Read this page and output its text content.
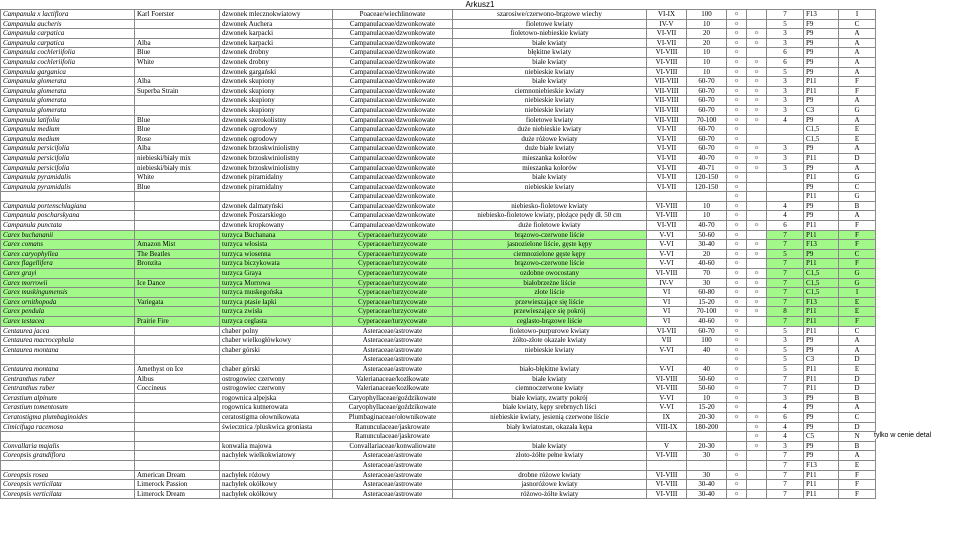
Arkusz1
Campanula x lactiflora	Karl Foerster	dzwonek mlecznokwiatowy	Poaceae/wiechlinowate	szarosiwe/czerwono-brązowe wiechy	VI-IX	100	☼		7	F13	I	
Campanula aucheris		dzwonek Auchera	Campanulaceae/dzwonkowate	fioletowe kwiaty	IV-V	10	☼		5	F9	C	
Campanula carpatica		dzwonek karpacki	Campanulaceae/dzwonkowate	fioletowo-niebieskie kwiaty	VI-VII	20	☼	☼	3	P9	A	
Campanula carpatica	Alba	dzwonek karpacki	Campanulaceae/dzwonkowate	białe kwiaty	VI-VII	20	☼	☼	3	P9	A	
Campanula cochleriifolia	Blue	dzwonek drobny	Campanulaceae/dzwonkowate	błękitne kwiaty	VI-VIII	10	☼		6	P9	A	
Campanula cochleriifolia	White	dzwonek drobny	Campanulaceae/dzwonkowate	białe kwiaty	VI-VIII	10	☼	☼	6	P9	A	
Campanula garganica		dzwonek gargański	Campanulaceae/dzwonkowate	niebieskie kwiaty	VI-VIII	10	☼	☼	5	P9	A	
Campanula glomerata	Alba	dzwonek skupiony	Campanulaceae/dzwonkowate	białe kwiaty	VII-VIII	60-70	☼	☼	3	P11	F	
Campanula glomerata	Superba Strain	dzwonek skupiony	Campanulaceae/dzwonkowate	ciemnoniebieskie kwiaty	VII-VIII	60-70	☼	☼	3	P11	F	
Campanula glomerata		dzwonek skupiony	Campanulaceae/dzwonkowate	niebieskie kwiaty	VII-VIII	60-70	☼	☼	3	P9	A	
Campanula glomerata		dzwonek skupiony	Campanulaceae/dzwonkowate	niebieskie kwiaty	VII-VIII	60-70	☼	☼	3	C3	G	
Campanula latifolia	Blue	dzwonek szerokolistny	Campanulaceae/dzwonkowate	fioletowe kwiaty	VII-VIII	70-100	☼	☼	4	P9	A	
Campanula medium	Blue	dzwonek ogrodowy	Campanulaceae/dzwonkowate	duże niebieskie kwiaty	VI-VII	60-70	☼			C1,5	E	
Campanula medium	Rose	dzwonek ogrodowy	Campanulaceae/dzwonkowate	duże różowe kwiaty	VI-VII	60-70	☼			C1,5	E	
Campanula persicifolia	Alba	dzwonek brzoskwiniolistny	Campanulaceae/dzwonkowate	duże białe kwiaty	VI-VII	60-70	☼	☼	3	P9	A	
Campanula persicifolia	niebieski/biały mix	dzwonek brzoskwiniolistny	Campanulaceae/dzwonkowate	mieszanka kolorów	VI-VII	40-70	☼	☼	3	P11	D	
Campanula persicifolia	niebieski/biały mix	dzwonek brzoskwiniolistny	Campanulaceae/dzwonkowate	mieszanka kolorów	VI-VII	40-71	☼	☼	3	P9	A	
Campanula pyramidalis	White	dzwonek piramidalny	Campanulaceae/dzwonkowate	białe kwiaty	VI-VII	120-150	☼			P11	G	
Campanula pyramidalis	Blue	dzwonek piramidalny	Campanulaceae/dzwonkowate	niebieskie kwiaty	VI-VII	120-150	☼			P9	C	
			Campanulaceae/dzwonkowate				☼			P11	G	
Campanula portenschlagiana		dzwonek dalmatyński	Campanulaceae/dzwonkowate	niebiesko-fioletowe kwiaty	VI-VIII	10	☼		4	P9	B	
Campanula poscharskyana		dzwonek Poszarskiego	Campanulaceae/dzwonkowate	niebiesko-fioletowe kwiaty, płożące pędy dł. 50 cm	VI-VIII	10	☼		4	P9	A	
Campanula punctata		dzwonek kropkowany	Campanulaceae/dzwonkowate	duże fioletowe kwiaty	VI-VII	40-70	☼	☼	6	P11	F	
Carex buchananii		turzyca Buchanana	Cyperaceae/turzycowate	brązowo-czerwone liście	V-VI	50-60	☼		7	P11	F	
Carex comans	Amazon Mist	turzyca włosista	Cyperaceae/turzycowate	jasnozielone liście, gęste kępy	V-VI	30-40	☼	☼	7	F13	F	
Carex caryophyllea	The Beatles	turzyca wiosenna	Cyperaceae/turzycowate	ciemnozielone gęste kępy	V-VI	20	☼	☼	5	P9	C	
Carex flagellifera	Bronzita	turzyca biczykowata	Cyperaceae/turzycowate	brązowo-czerwone liście	V-VI	40-60	☼		7	P11	F	
Carex grayi		turzyca Graya	Cyperaceae/turzycowate	ozdobne owocostany	VI-VIII	70	☼	☼	7	C1,5	G	
Carex morrowii	Ice Dance	turzyca Morrowa	Cyperaceae/turzycowate	białobrzeżne liście	IV-V	30	☼	☼	7	C1,5	G	
Carex muskingumensis		turzyca muskegońska	Cyperaceae/turzycowate	złote liście	VI	60-80	☼	☼	7	C1,5	I	
Carex ornithopoda	Variegata	turzyca ptasie łapki	Cyperaceae/turzycowate	przewieszające się liście	VI	15-20	☼	☼	7	F13	E	
Carex pendula		turzyca zwisła	Cyperaceae/turzycowate	przewieszające się pokrój	VI	70-100	☼	☼	8	P11	E	
Carex testacea	Prairie Fire	turzyca ceglasta	Cyperaceae/turzycowate	ceglasto-brązowe liście	VI	40-60	☼		7	P11	F	
Centaurea jacea		chaber polny	Asteraceae/astrowate	fioletowo-purpurowe kwiaty	VI-VII	60-70	☼		5	P11	C	
Centaurea macrocephala		chaber wielkogłówkowy	Asteraceae/astrowate	żółto-złote okazałe kwiaty	VII	100	☼		3	P9	A	
Centaurea montana		chaber górski	Asteraceae/astrowate	niebieskie kwiaty	V-VI	40	☼		5	P9	A	
			Asteraceae/astrowate				☼		5	C3	D	
Centaurea montana	Amethyst on Ice	chaber górski	Asteraceae/astrowate	biało-błękitne kwiaty	V-VI	40	☼		5	P11	E	
Centranthus ruber	Albus	ostrogowiec czerwony	Valerianaceae/kozłkowate	białe kwiaty	VI-VIII	50-60	☼		7	P11	D	
Centranthus ruber	Coccineus	ostrogowiec czerwony	Valerianaceae/kozłkowate	ciemnoczerwone kwiaty	VI-VIII	50-60	☼		7	P11	D	
Cerastium alpinum		rogownica alpejska	Caryophyllaceae/goździkowate	białe kwiaty, zwarty pokrój	V-VI	10	☼		3	P9	B	
Cerastium tomentosum		rogownica kutnerowata	Caryophyllaceae/goździkowate	białe kwiaty, kępy srebrnych liści	V-VI	15-20	☼		4	P9	A	
Ceratostigma plumbaginoides		ceratostigma ołownikowata	Plumbaginaceae/ołownikowate	niebieskie kwiaty, jesienią czerwone liście	IX	20-30	☼	☼	6	P9	C	
Cimicifuga racemosa		świecznica /pluskwica groniasta	Ranunculaceae/jaskrowate	biały kwiatostan, okazała kępa	VIII-IX	180-200		☼	4	P9	D	
			Ranunculaceae/jaskrowate					☼	4	C5	N	
Convallaria majalis		konwalia majowa	Convallariaceae/konwaliowate	białe kwiaty	V	20-30		☼	3	P9	B	
Coreopsis grandiflora		nachyłek wielkokwiatowy	Asteraceae/astrowate	złoto-żółte pełne kwiaty	VI-VIII	30	☼		7	P9	A	
			Asteraceae/astrowate						7	F13	E	
Coreopsis rosea	American Dream	nachyłek różowy	Asteraceae/astrowate	drobne różowe kwiaty	VI-VIII	30	☼		7	P11	F	
Coreopsis verticilata	Limerock Passion	nachyłek okółkowy	Asteraceae/astrowate	jasnoróżowe kwiaty	VI-VIII	30-40	☼		7	P11	F	
Coreopsis verticilata	Limerock Dream	nachyłek okółkowy	Asteraceae/astrowate	różowo-żółte kwiaty	VI-VIII	30-40	☼		7	P11	F	
tylko w cenie detal
